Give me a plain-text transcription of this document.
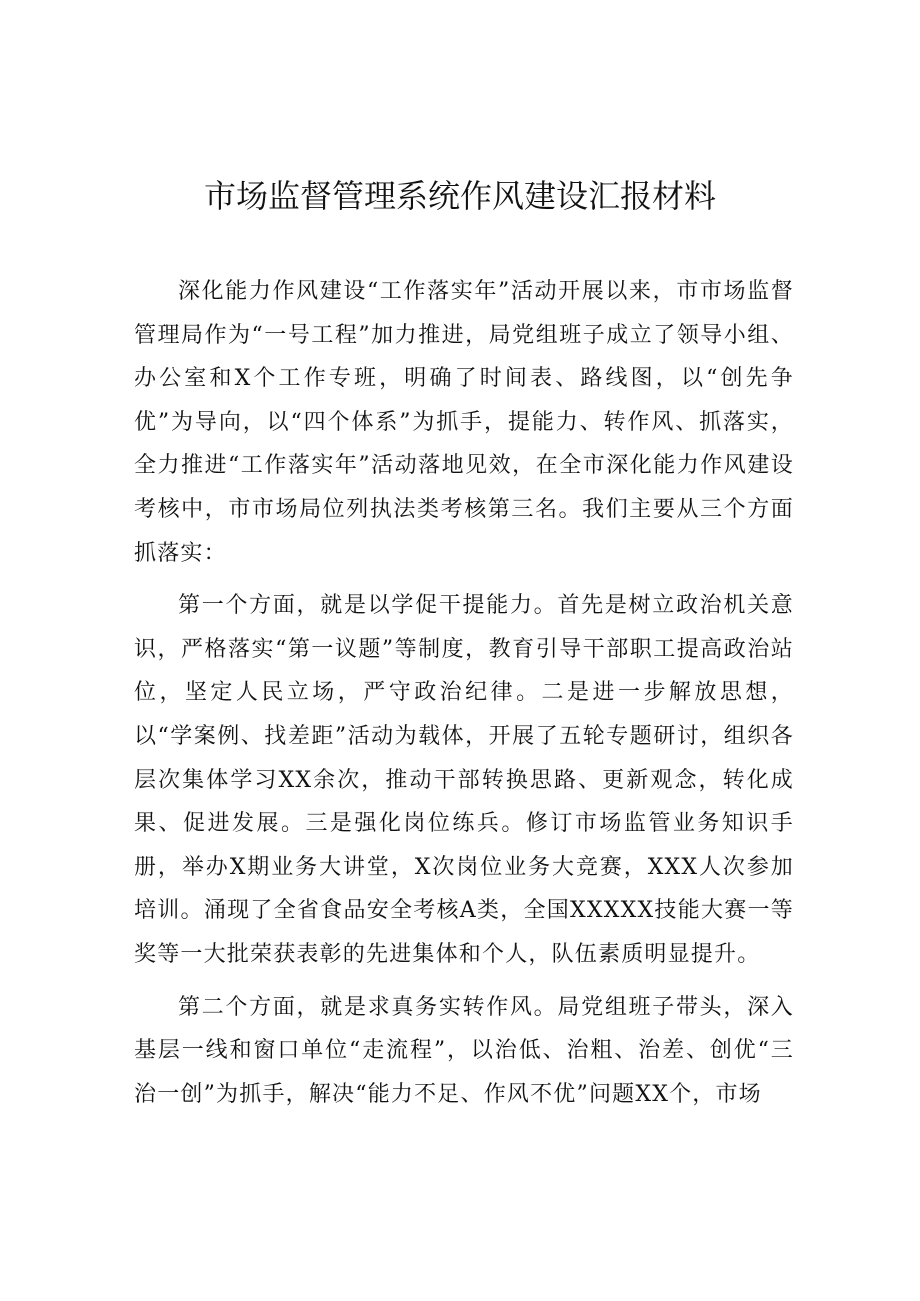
市场监督管理系统作风建设汇报材料

深化能力作风建设“工作落实年”活动开展以来，市市场监督管理局作为“一号工程”加力推进，局党组班子成立了领导小组、办公室和X个工作专班，明确了时间表、路线图，以“创先争优”为导向，以“四个体系”为抓手，提能力、转作风、抓落实，全力推进“工作落实年”活动落地见效，在全市深化能力作风建设考核中，市市场局位列执法类考核第三名。我们主要从三个方面抓落实：

第一个方面，就是以学促干提能力。首先是树立政治机关意识，严格落实“第一议题”等制度，教育引导干部职工提高政治站位，坚定人民立场，严守政治纪律。二是进一步解放思想，以“学案例、找差距”活动为载体，开展了五轮专题研讨，组织各层次集体学习XX余次，推动干部转换思路、更新观念，转化成果、促进发展。三是强化岗位练兵。修订市场监管业务知识手册，举办X期业务大讲堂，X次岗位业务大竞赛，XXX人次参加培训。涌现了全省食品安全考核A类，全国XXXXX技能大赛一等奖等一大批荣获表彰的先进集体和个人，队伍素质明显提升。

第二个方面，就是求真务实转作风。局党组班子带头，深入基层一线和窗口单位“走流程”，以治低、治粗、治差、创优“三治一创”为抓手，解决“能力不足、作风不优”问题XX个，市场
